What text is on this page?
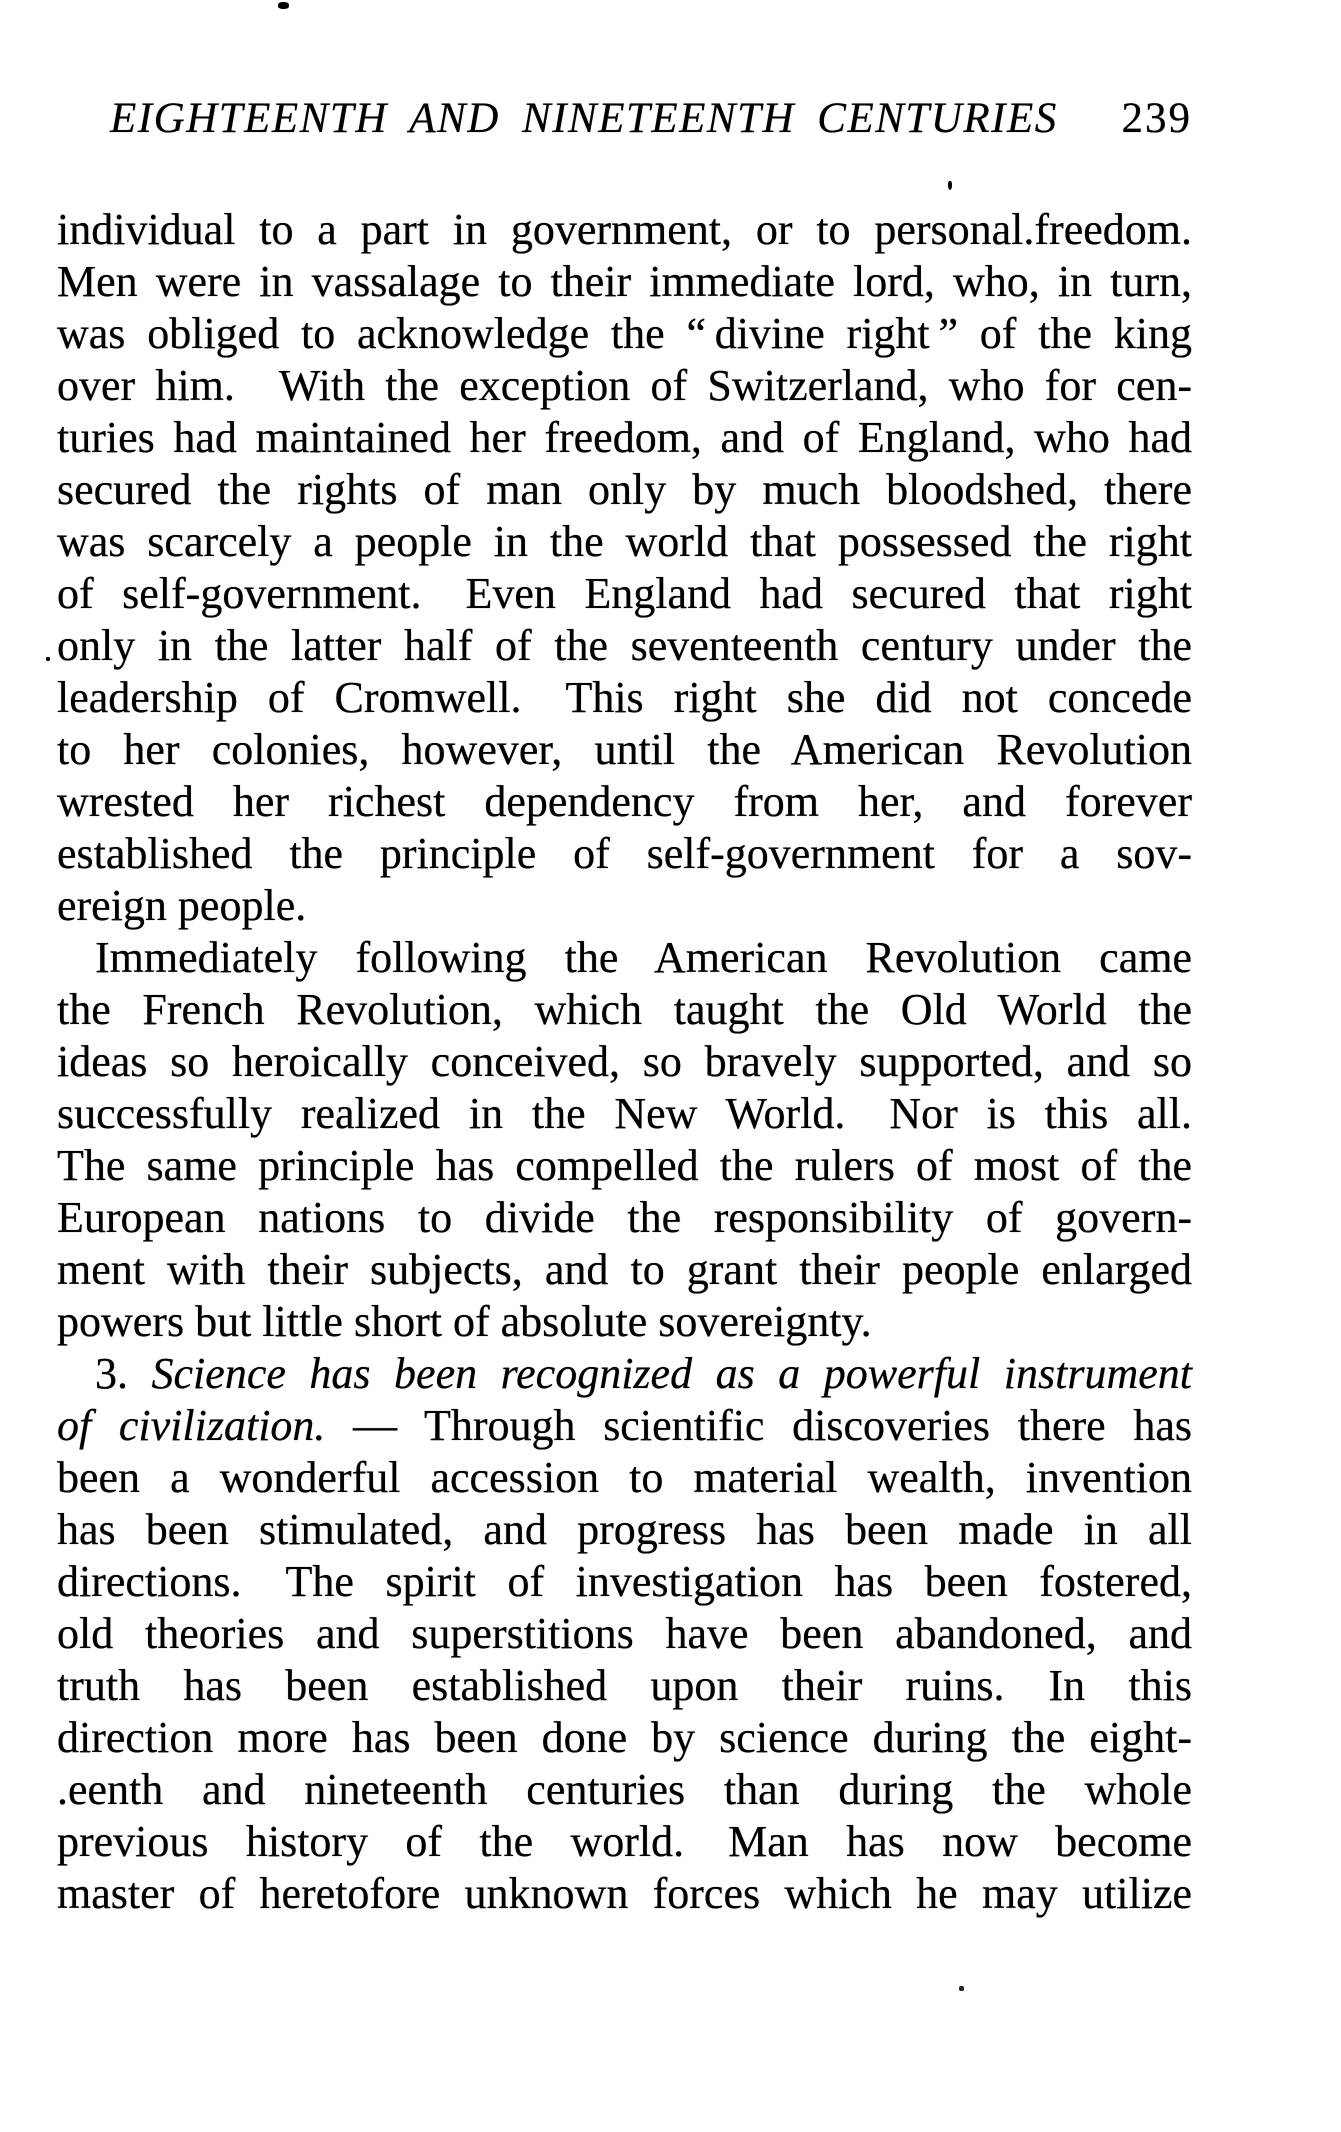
EIGHTEENTH AND NINETEENTH CENTURIES 239
individual to a part in government, or to personal.freedom.
Men were in vassalage to their immediate lord, who, in turn,
was obliged to acknowledge the “ divine right ” of the king
over him. With the exception of Switzerland, who for cen-
turies had maintained her freedom, and of England, who had
secured the rights of man only by much bloodshed, there
was scarcely a people in the world that possessed the right
of self-government. Even England had secured that right
only in the latter half of the seventeenth century under the
leadership of Cromwell. This right she did not concede
to her colonies, however, until the American Revolution
wrested her richest dependency from her, and forever
established the principle of self-government for a sov-
ereign people.
Immediately following the American Revolution came
the French Revolution, which taught the Old World the
ideas so heroically conceived, so bravely supported, and so
successfully realized in the New World. Nor is this all.
The same principle has compelled the rulers of most of the
European nations to divide the responsibility of govern-
ment with their subjects, and to grant their people enlarged
powers but little short of absolute sovereignty.
3. Science has been recognized as a powerful instrument
of civilization. — Through scientific discoveries there has
been a wonderful accession to material wealth, invention
has been stimulated, and progress has been made in all
directions. The spirit of investigation has been fostered,
old theories and superstitions have been abandoned, and
truth has been established upon their ruins. In this
direction more has been done by science during the eight-
.eenth and nineteenth centuries than during the whole
previous history of the world. Man has now become
master of heretofore unknown forces which he may utilize
